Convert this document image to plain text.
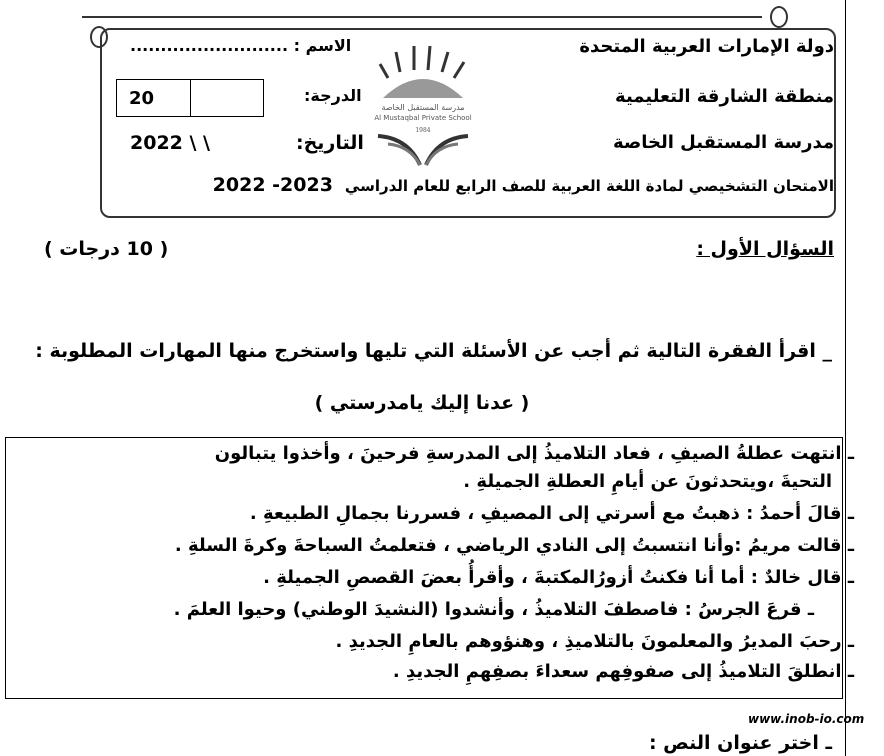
دولة الإمارات العربية المتحدة
منطقة الشارقة التعليمية
مدرسة المستقبل الخاصة
الاسم : ..........................
الدرجة:
20
التاريخ:
2022 \ \
مدرسة المستقبل الخاصة
Al Mustaqbal Private School
1984
الامتحان التشخيصي لمادة اللغة العربية للصف الرابع للعام الدراسي
2022 -2023
السؤال الأول :
( 10 درجات )
_ اقرأ الفقرة التالية ثم أجب عن الأسئلة التي تليها واستخرج منها المهارات المطلوبة :
( عدنا إليك يامدرستي )
ـ انتهت عطلةُ الصيفِ ، فعاد التلاميذُ إلى المدرسةِ فرحينَ ، وأخذوا يتبالون
التحيةَ ،ويتحدثونَ عن أيامِ العطلةِ الجميلةِ .
ـ قالَ أحمدُ : ذهبتُ مع أسرتي إلى المصيفِ ، فسررنا بجمالِ الطبيعةِ .
ـ قالت مريمُ :وأنا انتسبتُ إلى النادي الرياضي ، فتعلمتُ السباحةَ وكرةَ السلةِ .
ـ قال خالدٌ : أما أنا فكنتُ أزورُالمكتبةَ ، وأقرأُ بعضَ القصصِ الجميلةِ .
ـ قرعَ الجرسُ : فاصطفَ التلاميذُ ، وأنشدوا (النشيدَ الوطني) وحيوا العلمَ .
ـ رحبَ المديرُ والمعلمونَ بالتلاميذِ ، وهنؤوهم بالعامِ الجديدِ .
ـ انطلقَ التلاميذُ إلى صفوفِهم سعداءَ بصفِهمِ الجديدِ .
www.inob-io.com
ـ اختر عنوان النص :
